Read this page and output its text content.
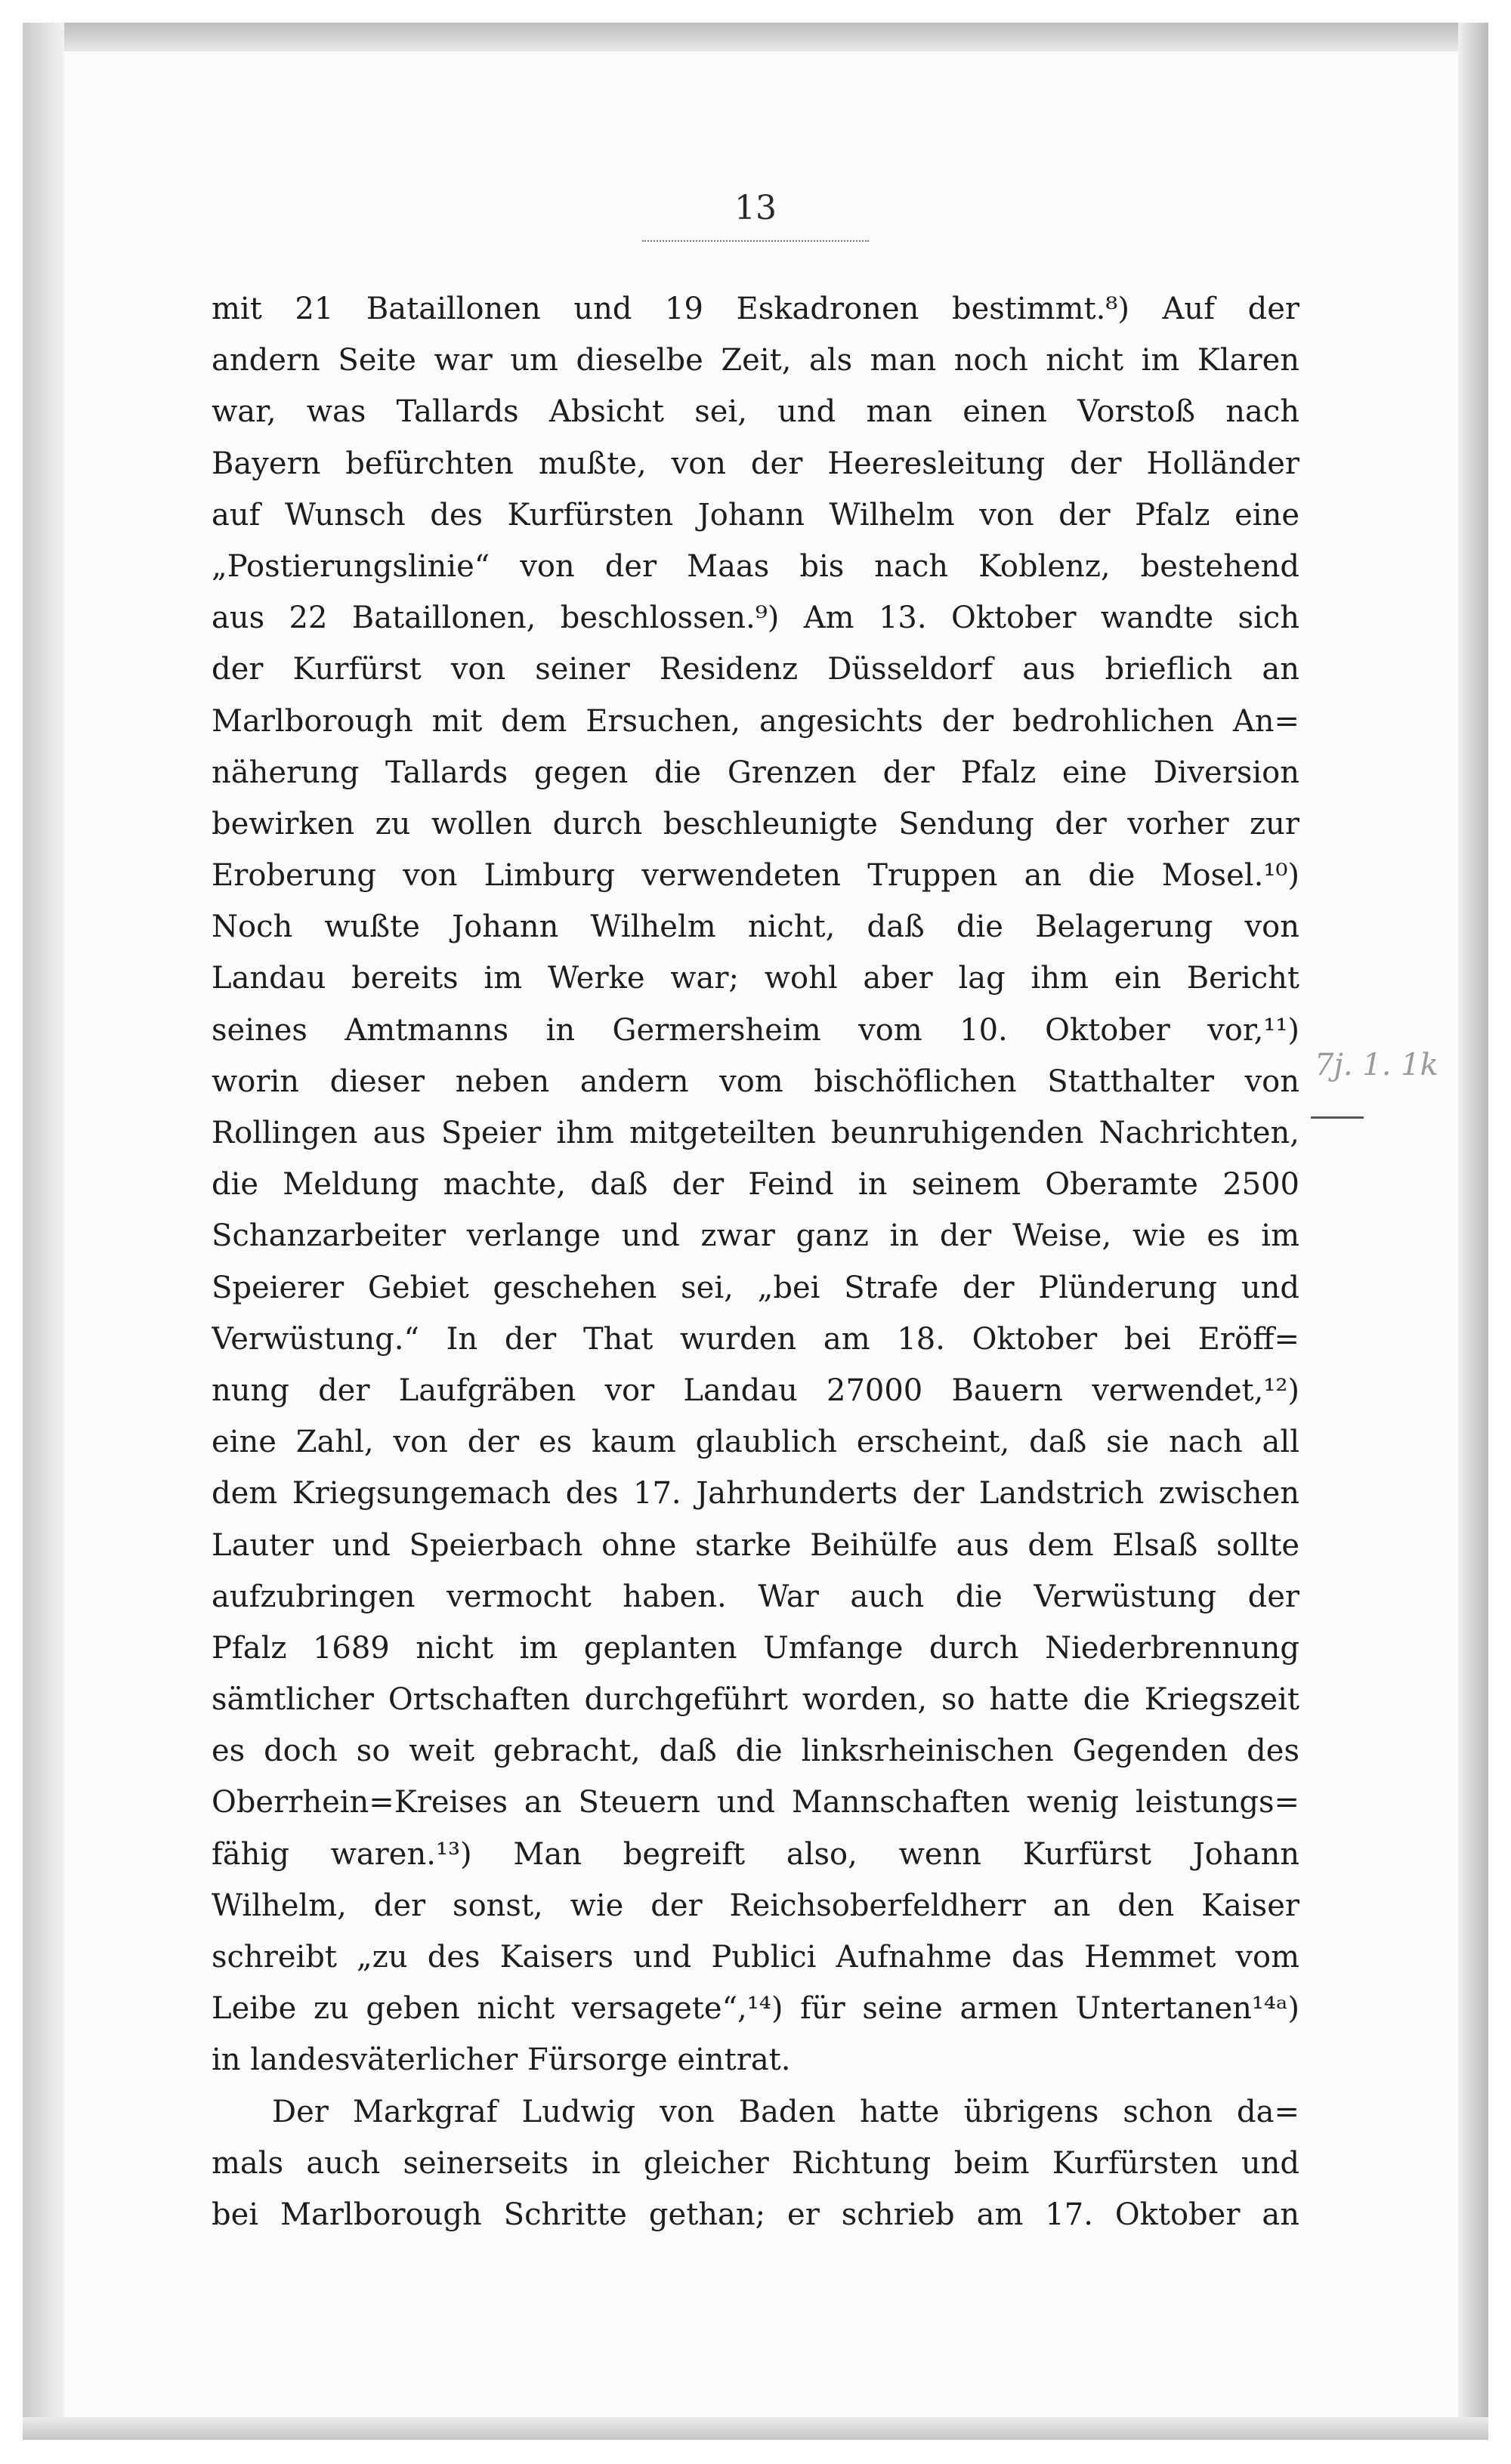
13
mit 21 Bataillonen und 19 Eskadronen bestimmt.⁸) Auf der
andern Seite war um dieselbe Zeit, als man noch nicht im Klaren
war, was Tallards Absicht sei, und man einen Vorstoß nach
Bayern befürchten mußte, von der Heeresleitung der Holländer
auf Wunsch des Kurfürsten Johann Wilhelm von der Pfalz eine
„Postierungslinie“ von der Maas bis nach Koblenz, bestehend
aus 22 Bataillonen, beschlossen.⁹) Am 13. Oktober wandte sich
der Kurfürst von seiner Residenz Düsseldorf aus brieflich an
Marlborough mit dem Ersuchen, angesichts der bedrohlichen An=
näherung Tallards gegen die Grenzen der Pfalz eine Diversion
bewirken zu wollen durch beschleunigte Sendung der vorher zur
Eroberung von Limburg verwendeten Truppen an die Mosel.¹⁰)
Noch wußte Johann Wilhelm nicht, daß die Belagerung von
Landau bereits im Werke war; wohl aber lag ihm ein Bericht
seines Amtmanns in Germersheim vom 10. Oktober vor,¹¹)
worin dieser neben andern vom bischöflichen Statthalter von
Rollingen aus Speier ihm mitgeteilten beunruhigenden Nachrichten,
die Meldung machte, daß der Feind in seinem Oberamte 2500
Schanzarbeiter verlange und zwar ganz in der Weise, wie es im
Speierer Gebiet geschehen sei, „bei Strafe der Plünderung und
Verwüstung.“ In der That wurden am 18. Oktober bei Eröff=
nung der Laufgräben vor Landau 27000 Bauern verwendet,¹²)
eine Zahl, von der es kaum glaublich erscheint, daß sie nach all
dem Kriegsungemach des 17. Jahrhunderts der Landstrich zwischen
Lauter und Speierbach ohne starke Beihülfe aus dem Elsaß sollte
aufzubringen vermocht haben. War auch die Verwüstung der
Pfalz 1689 nicht im geplanten Umfange durch Niederbrennung
sämtlicher Ortschaften durchgeführt worden, so hatte die Kriegszeit
es doch so weit gebracht, daß die linksrheinischen Gegenden des
Oberrhein=Kreises an Steuern und Mannschaften wenig leistungs=
fähig waren.¹³) Man begreift also, wenn Kurfürst Johann
Wilhelm, der sonst, wie der Reichsoberfeldherr an den Kaiser
schreibt „zu des Kaisers und Publici Aufnahme das Hemmet vom
Leibe zu geben nicht versagete“,¹⁴) für seine armen Untertanen¹⁴ᵃ)
in landesväterlicher Fürsorge eintrat.
Der Markgraf Ludwig von Baden hatte übrigens schon da=
mals auch seinerseits in gleicher Richtung beim Kurfürsten und
bei Marlborough Schritte gethan; er schrieb am 17. Oktober an
7j. 1. 1k
